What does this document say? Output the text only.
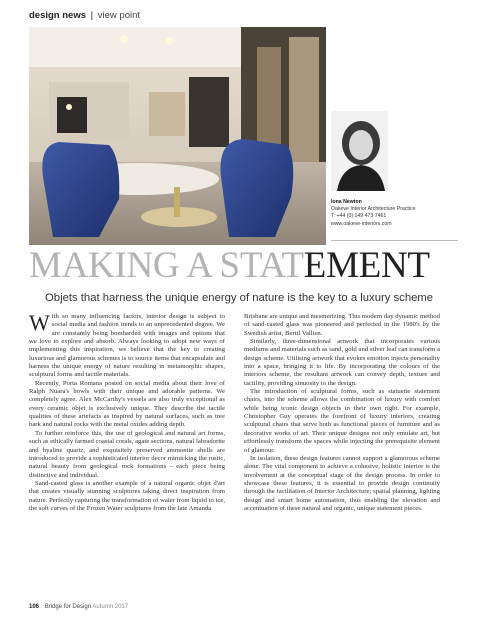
design news | view point
Iona Newton
Oakeve Interior Architecture Practice
T: +44 (0) 149 473 7461
www.oakeve-interiors.com
MAKING A STATEMENT
Objets that harness the unique energy of nature is the key to a luxury scheme

With so many influencing factors, interior design is subject to social media and fashion trends to an unprecedented degree. We are constantly being bombarded with images and options that we love to explore and absorb. Always looking to adopt new ways of implementing this inspiration, we believe that the key to creating luxurious and glamorous schemes is to source items that encapsulate and harness the unique energy of nature resulting in metamorphic shapes, sculptural forms and tactile materials.

Recently, Porta Romana posted on social media about their love of Ralph Nuara's bowls with their unique and adorable patterns. We completely agree. Alex McCarthy's vessels are also truly exceptional as every ceramic objet is exclusively unique. They describe the tactile qualities of these artefacts as inspired by natural surfaces, such as tree bark and natural rocks with the metal oxides adding depth.

To further reinforce this, the use of geological and natural art forms, such as ethically farmed coastal corals, agate sections, natural labradorite and hyaline quartz, and exquisitely preserved ammonite shells are introduced to provide a sophisticated interior decor mimicking the rustic, natural beauty from geological rock formations - each piece being distinctive and individual.

Sand-casted glass is another example of a natural organic objet d'art that creates visually stunning sculptures taking direct inspiration from nature. Perfectly capturing the transformation of water from liquid to ice, the soft curves of the Frozen Water sculptures from the late Amanda

Brisbane are unique and mesmerizing. This modern day dynamic method of sand-casted glass was pioneered and perfected in the 1980's by the Swedish artist, Bertil Vallien.

Similarly, three-dimensional artwork that incorporates various mediums and materials such as sand, gold and silver leaf can transform a design scheme. Utilising artwork that evokes emotion injects personality into a space, bringing it to life. By incorporating the colours of the interiors scheme, the resultant artwork can convey depth, texture and tactility, providing sinuosity to the design.

The introduction of sculptural forms, such as statuette statement chairs, into the scheme allows the combination of luxury with comfort while being iconic design objects in their own right. For example, Christopher Guy operates the forefront of luxury interiors, creating sculptural chairs that serve both as functional pieces of furniture and as decorative works of art. Their unique designs not only emulate art, but effortlessly transform the spaces while injecting the prerequisite element of glamour.

In isolation, these design features cannot support a glamorous scheme alone. The vital component to achieve a cohesive, holistic interior is the involvement at the conceptual stage of the design process. In order to showcase these features, it is essential to provide design continuity through the facilitation of Interior Architecture; spatial planning, lighting design and smart home automation, thus enabling the elevation and accentuation of these natural and organic, unique statement pieces.

106 Bridge for Design Autumn 2017
